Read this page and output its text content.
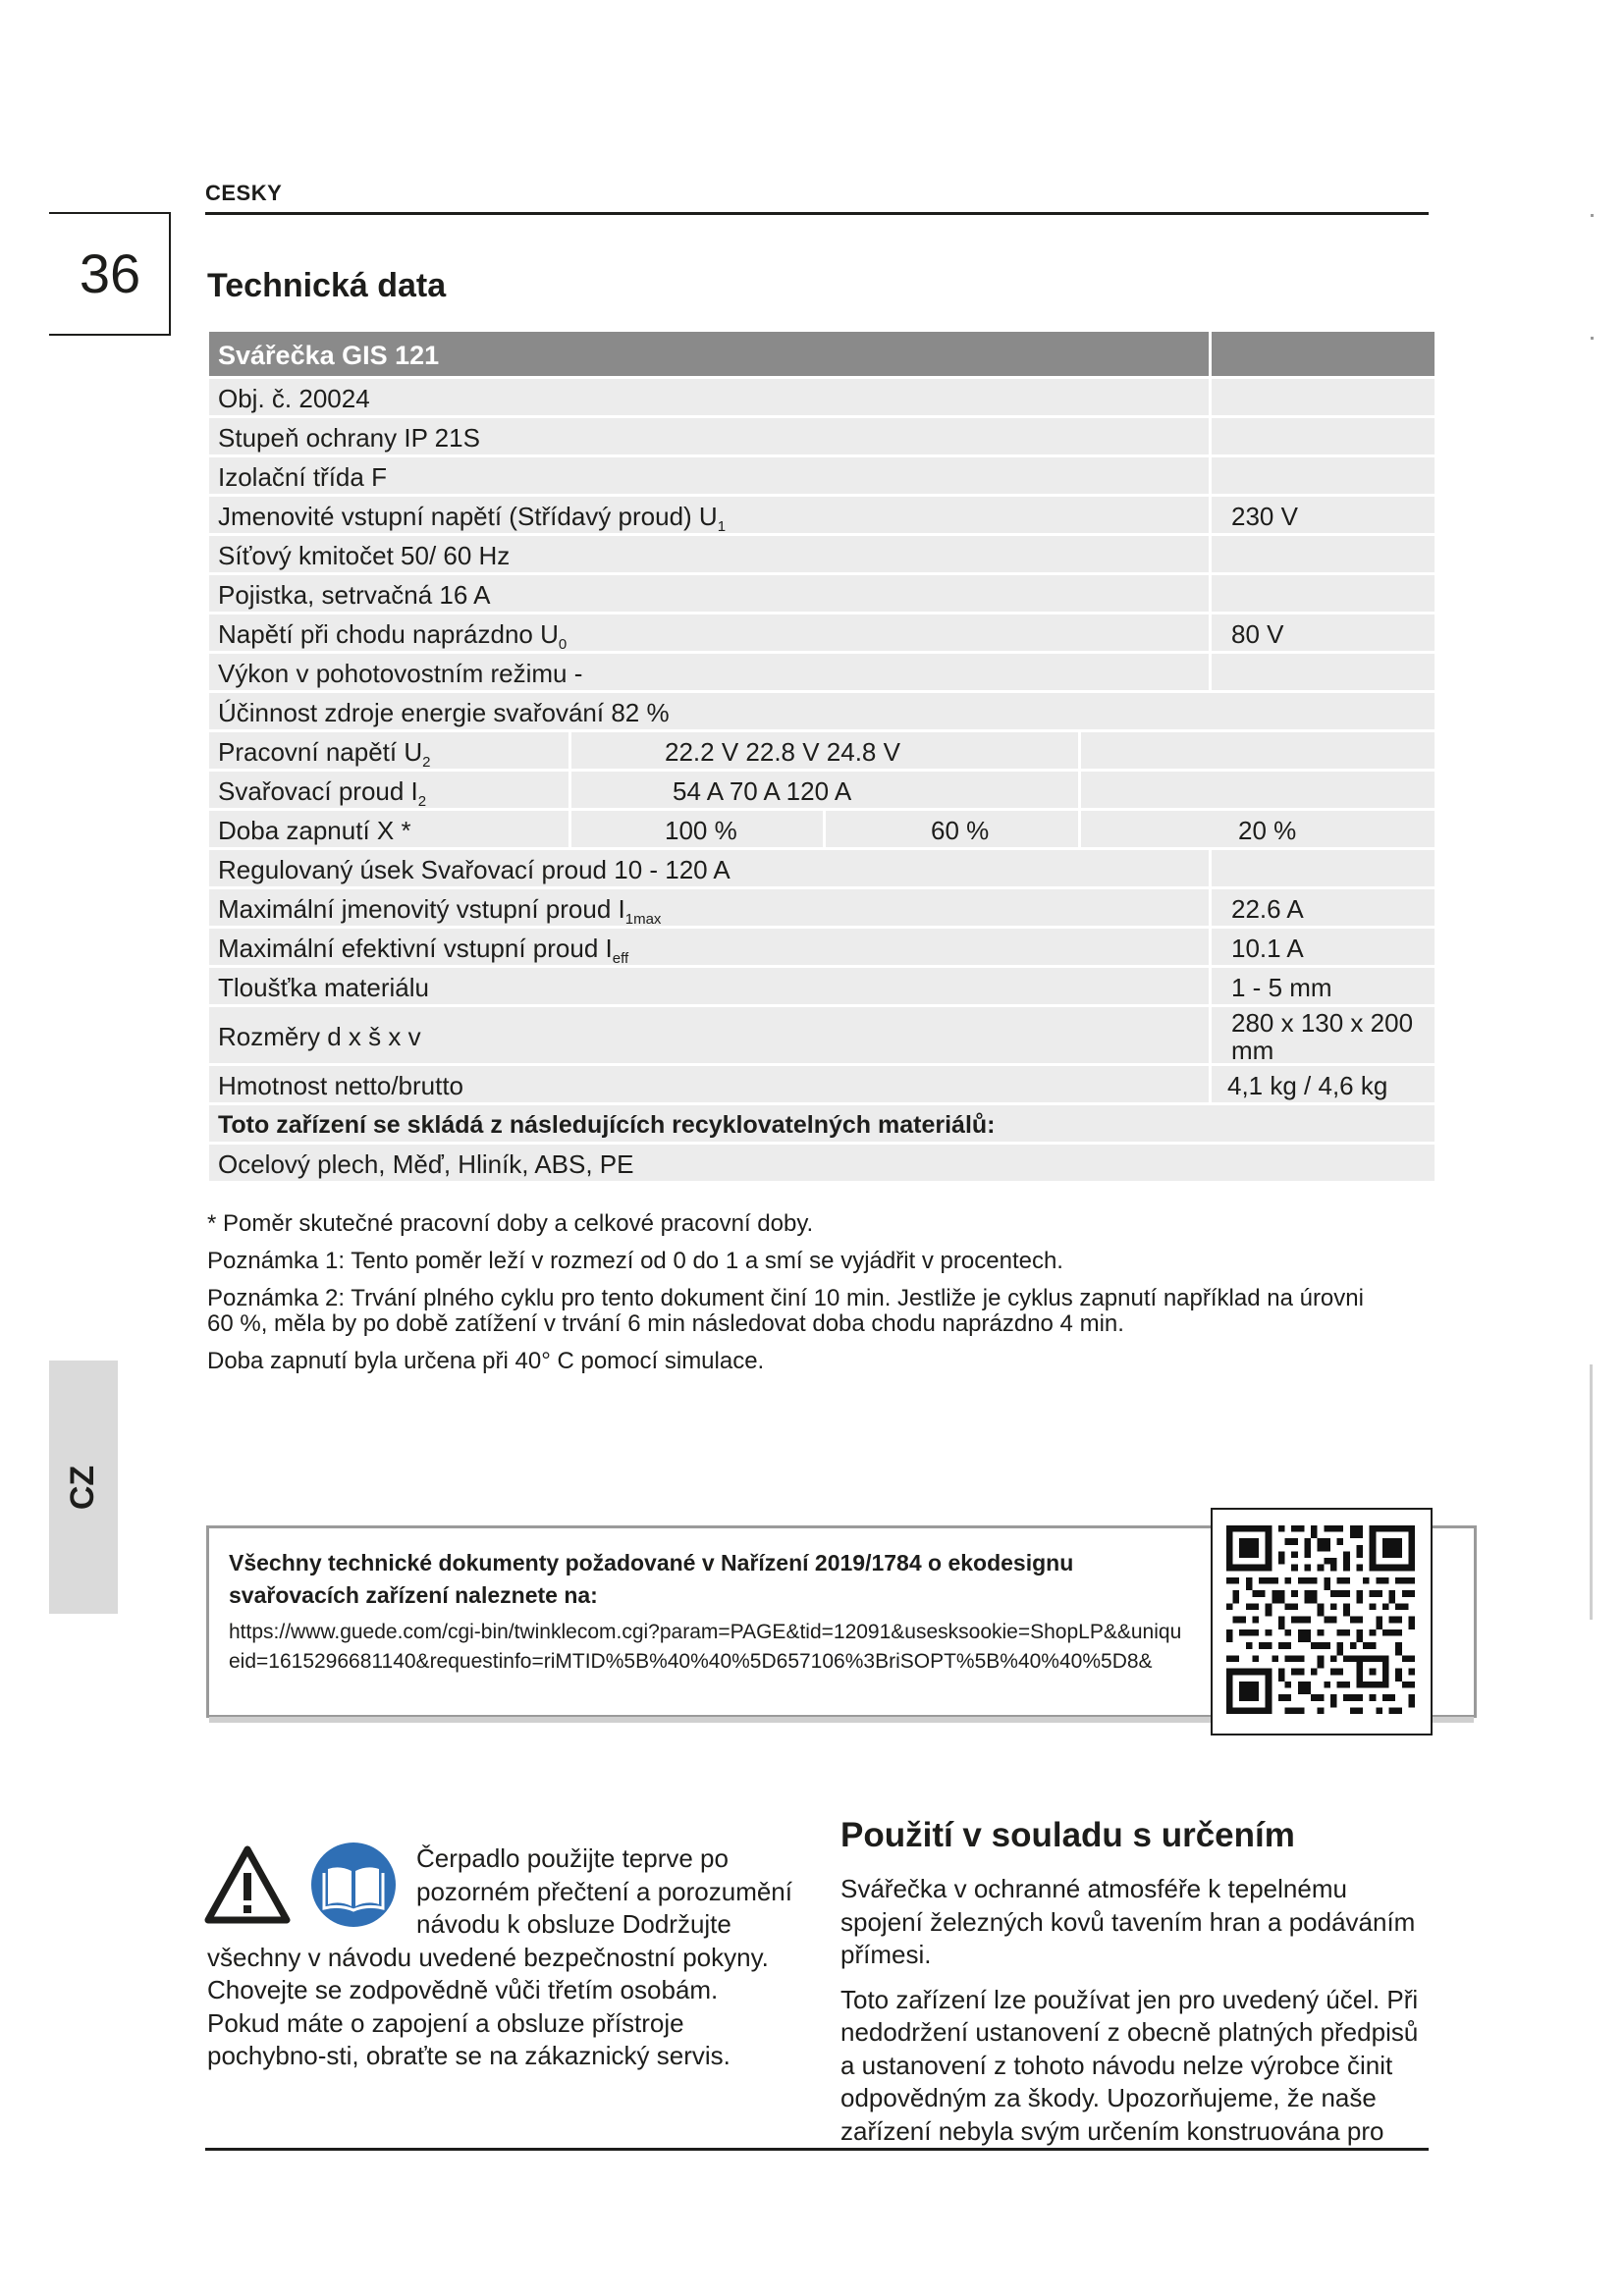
CESKY
36	Technická data
CZ
Svářečka GIS 121
Obj. č. 20024
Stupeň ochrany IP 21S
Izolační třída F
Jmenovité vstupní napětí (Střídavý proud) $U_1$	230 V
Síťový kmitočet 50/ 60 Hz
Pojistka, setrvačná 16 A
Napětí při chodu naprázdno $U_0$	80 V
Výkon v pohotovostním režimu -
Účinnost zdroje energie svařování 82 %
Pracovní napětí $U_2$	22.2 V 22.8 V 24.8 V
Svařovací proud $I_2$	54 A 70 A 120 A
Doba zapnutí X *	100 %	60 %	20 %
Regulovaný úsek Svařovací proud 10 - 120 A
Maximální jmenovitý vstupní proud $I_{1max}$	22.6 A
Maximální efektivní vstupní proud $I_{eff}$	10.1 A
Tloušťka materiálu	1 - 5 mm
Rozměry d x š x v	280 x 130 x 200 mm
Hmotnost netto/brutto	4,1 kg / 4,6 kg
Toto zařízení se skládá z následujících recyklovatelných materiálů:
Ocelový plech, Měď, Hliník, ABS, PE

* Poměr skutečné pracovní doby a celkové pracovní doby.

Poznámka 1: Tento poměr leží v rozmezí od 0 do 1 a smí se vyjádřit v procentech.

Poznámka 2: Trvání plného cyklu pro tento dokument činí 10 min. Jestliže je cyklus zapnutí například na úrovni 60 %, měla by po době zatížení v trvání 6 min následovat doba chodu naprázdno 4 min.

Doba zapnutí byla určena při 40° C pomocí simulace.

Všechny technické dokumenty požadované v Nařízení 2019/1784 o ekodesignu svařovacích zařízení naleznete na:
https://www.guede.com/cgi-bin/twinklecom.cgi?param=PAGE&tid=12091&usesksookie=ShopLP&&uniqueid=1615296681140&requestinfo=riMTID%5B%40%40%5D657106%3BriSOPT%5B%40%40%5D8&
Čerpadlo použijte teprve po
pozorném přečtení a porozumění
návodu k obsluze Dodržujte
všechny v návodu uvedené bezpečnostní pokyny. Chovejte se zodpovědně vůči třetím osobám. Pokud máte o zapojení a obsluze přístroje pochybno-sti, obraťte se na zákaznický servis.
Použití v souladu s určením

Svářečka v ochranné atmosféře k tepelnému spojení železných kovů tavením hran a podáváním přímesi.

Toto zařízení lze používat jen pro uvedený účel. Při nedodržení ustanovení z obecně platných předpisů a ustanovení z tohoto návodu nelze výrobce činit odpovědným za škody. Upozorňujeme, že naše zařízení nebyla svým určením konstruována pro
